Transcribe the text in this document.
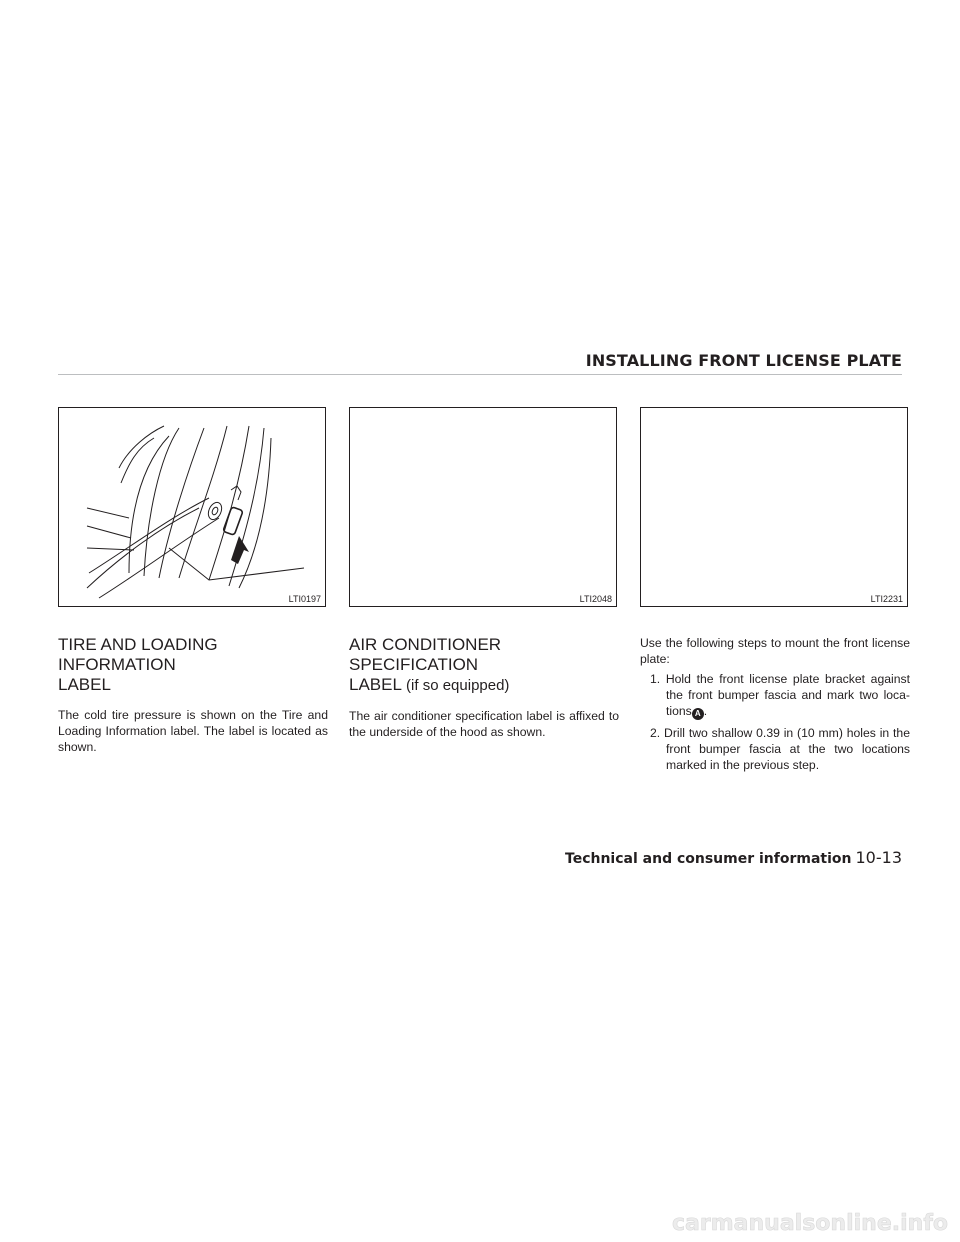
INSTALLING FRONT LICENSE PLATE
LTI0197	LTI2048	LTI2231
TIRE AND LOADING INFORMATION
LABEL

The cold tire pressure is shown on the Tire and Loading Information label. The label is located as shown.

AIR CONDITIONER SPECIFICATION
LABEL (if so equipped)

The air conditioner specification label is affixed to the underside of the hood as shown.

Use the following steps to mount the front license plate:

1. Hold the front license plate bracket against the front bumper fascia and mark two loca-tions A .
2. Drill two shallow 0.39 in (10 mm) holes in the front bumper fascia at the two locations marked in the previous step.
Technical and consumer information 10-13
carmanualsonline.info
